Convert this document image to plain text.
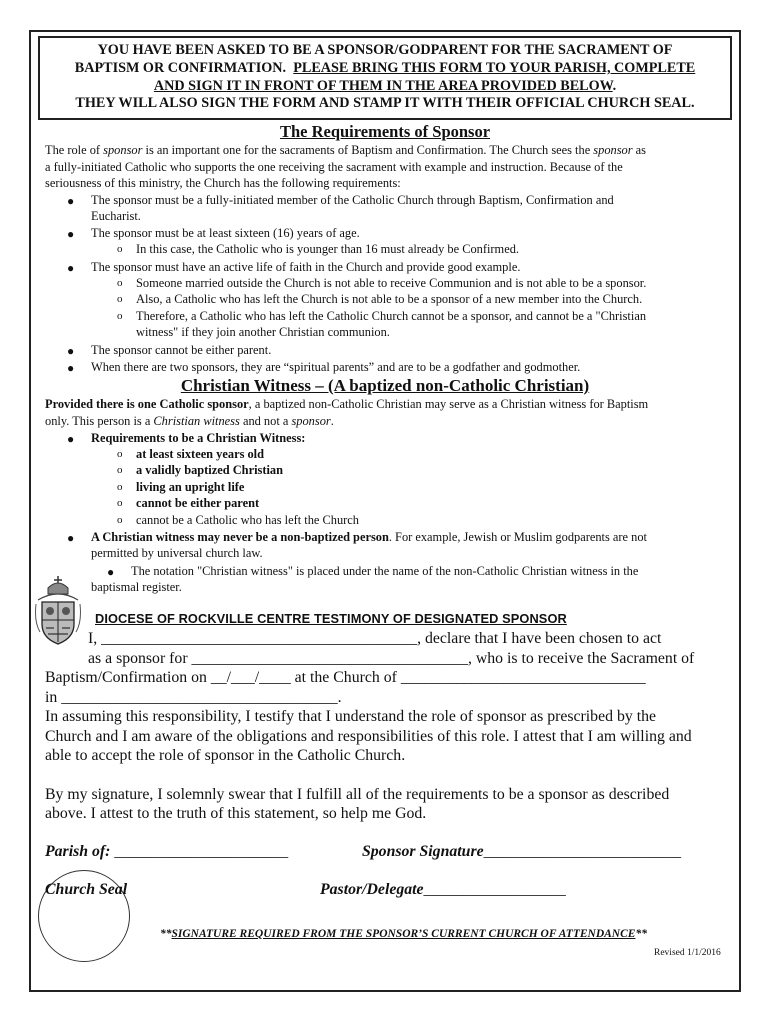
YOU HAVE BEEN ASKED TO BE A SPONSOR/GODPARENT FOR THE SACRAMENT OF
BAPTISM OR CONFIRMATION. PLEASE BRING THIS FORM TO YOUR PARISH, COMPLETE
AND SIGN IT IN FRONT OF THEM IN THE AREA PROVIDED BELOW.
THEY WILL ALSO SIGN THE FORM AND STAMP IT WITH THEIR OFFICIAL CHURCH SEAL.
The Requirements of Sponsor
The role of sponsor is an important one for the sacraments of Baptism and Confirmation. The Church sees the sponsor as
a fully-initiated Catholic who supports the one receiving the sacrament with example and instruction. Because of the
seriousness of this ministry, the Church has the following requirements:
● The sponsor must be a fully-initiated member of the Catholic Church through Baptism, Confirmation and
Eucharist.
● The sponsor must be at least sixteen (16) years of age.
o In this case, the Catholic who is younger than 16 must already be Confirmed.
● The sponsor must have an active life of faith in the Church and provide good example.
o Someone married outside the Church is not able to receive Communion and is not able to be a sponsor.
o Also, a Catholic who has left the Church is not able to be a sponsor of a new member into the Church.
o Therefore, a Catholic who has left the Catholic Church cannot be a sponsor, and cannot be a "Christian
witness" if they join another Christian communion.
● The sponsor cannot be either parent.
● When there are two sponsors, they are “spiritual parents” and are to be a godfather and godmother.
Christian Witness – (A baptized non-Catholic Christian)
Provided there is one Catholic sponsor, a baptized non-Catholic Christian may serve as a Christian witness for Baptism
only. This person is a Christian witness and not a sponsor.
● Requirements to be a Christian Witness:
o at least sixteen years old
o a validly baptized Christian
o living an upright life
o cannot be either parent
o cannot be a Catholic who has left the Church
● A Christian witness may never be a non-baptized person. For example, Jewish or Muslim godparents are not
permitted by universal church law.
● The notation "Christian witness" is placed under the name of the non-Catholic Christian witness in the
baptismal register.
DIOCESE OF ROCKVILLE CENTRE TESTIMONY OF DESIGNATED SPONSOR
I, ________________________________________, declare that I have been chosen to act
as a sponsor for ___________________________________, who is to receive the Sacrament of
Baptism/Confirmation on __/___/____ at the Church of _______________________________
in ___________________________________.
In assuming this responsibility, I testify that I understand the role of sponsor as prescribed by the
Church and I am aware of the obligations and responsibilities of this role. I attest that I am willing and
able to accept the role of sponsor in the Catholic Church.
By my signature, I solemnly swear that I fulfill all of the requirements to be a sponsor as described
above. I attest to the truth of this statement, so help me God.
Parish of: ______________________	Sponsor Signature_________________________
Church Seal	Pastor/Delegate__________________
**SIGNATURE REQUIRED FROM THE SPONSOR’S CURRENT CHURCH OF ATTENDANCE**
Revised 1/1/2016
